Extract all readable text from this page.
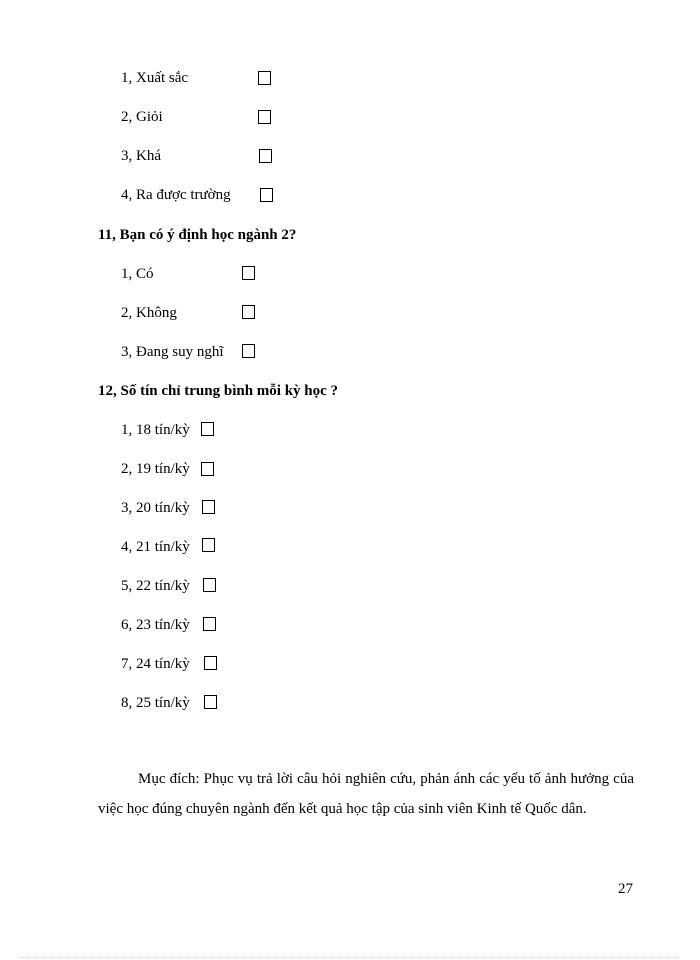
1, Xuất sắc
2, Giỏi
3, Khá
4, Ra được trường
11, Bạn có ý định học ngành 2?
1, Có
2, Không
3, Đang suy nghĩ
12, Số tín chỉ trung bình mỗi kỳ học ?
1, 18 tín/kỳ
2, 19 tín/kỳ
3, 20 tín/kỳ
4, 21 tín/kỳ
5, 22 tín/kỳ
6, 23 tín/kỳ
7, 24 tín/kỳ
8, 25 tín/kỳ
Mục đích: Phục vụ trả lời câu hỏi nghiên cứu, phản ánh các yếu tố ảnh hưởng của việc học đúng chuyên ngành đến kết quả học tập của sinh viên Kinh tế Quốc dân.
27
